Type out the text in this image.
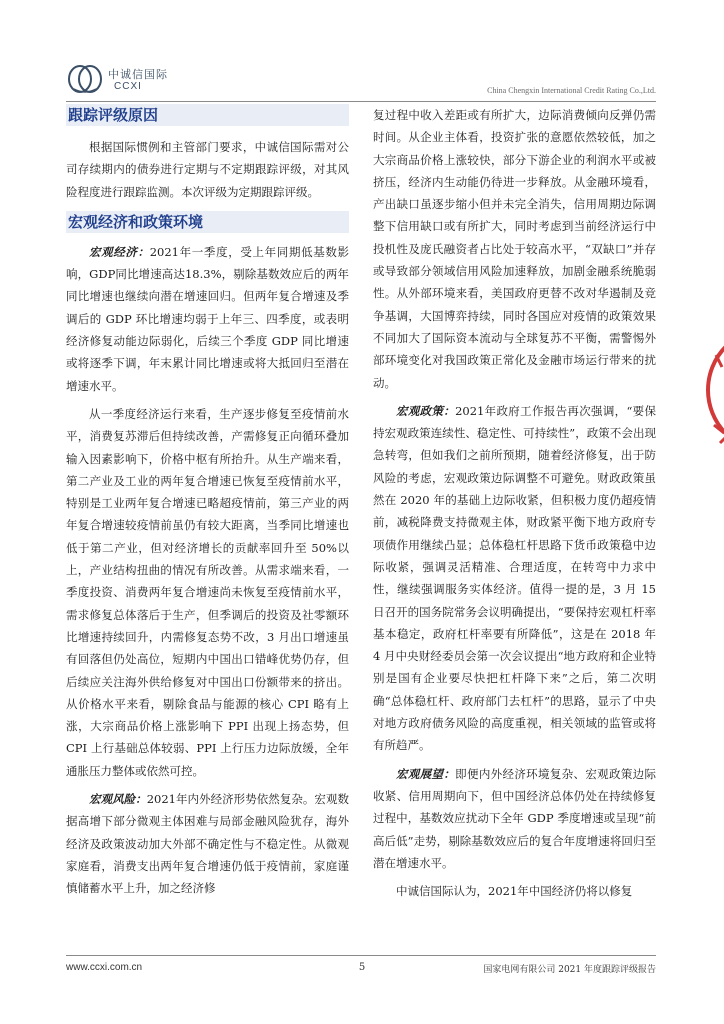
中诚信国际
CCXI	China Chengxin International Credit Rating Co.,Ltd.
跟踪评级原因

根据国际惯例和主管部门要求，中诚信国际需对公司存续期内的债券进行定期与不定期跟踪评级，对其风险程度进行跟踪监测。本次评级为定期跟踪评级。

宏观经济和政策环境

宏观经济：2021年一季度，受上年同期低基数影响，GDP同比增速高达18.3%，剔除基数效应后的两年同比增速也继续向潜在增速回归。但两年复合增速及季调后的 GDP 环比增速均弱于上年三、四季度，或表明经济修复动能边际弱化，后续三个季度 GDP 同比增速或将逐季下调，年末累计同比增速或将大抵回归至潜在增速水平。

从一季度经济运行来看，生产逐步修复至疫情前水平，消费复苏滞后但持续改善，产需修复正向循环叠加输入因素影响下，价格中枢有所抬升。从生产端来看，第二产业及工业的两年复合增速已恢复至疫情前水平，特别是工业两年复合增速已略超疫情前，第三产业的两年复合增速较疫情前虽仍有较大距离，当季同比增速也低于第二产业，但对经济增长的贡献率回升至 50%以上，产业结构扭曲的情况有所改善。从需求端来看，一季度投资、消费两年复合增速尚未恢复至疫情前水平，需求修复总体落后于生产，但季调后的投资及社零额环比增速持续回升，内需修复态势不改，3 月出口增速虽有回落但仍处高位，短期内中国出口错峰优势仍存，但后续应关注海外供给修复对中国出口份额带来的挤出。从价格水平来看，剔除食品与能源的核心 CPI 略有上涨，大宗商品价格上涨影响下 PPI 出现上扬态势，但 CPI 上行基础总体较弱、PPI 上行压力边际放缓，全年通胀压力整体或依然可控。

宏观风险：2021年内外经济形势依然复杂。宏观数据高增下部分微观主体困难与局部金融风险犹存，海外经济及政策波动加大外部不确定性与不稳定性。从微观家庭看，消费支出两年复合增速仍低于疫情前，家庭谨慎储蓄水平上升，加之经济修

复过程中收入差距或有所扩大，边际消费倾向反弹仍需时间。从企业主体看，投资扩张的意愿依然较低，加之大宗商品价格上涨较快，部分下游企业的利润水平或被挤压，经济内生动能仍待进一步释放。从金融环境看，产出缺口虽逐步缩小但并未完全消失，信用周期边际调整下信用缺口或有所扩大，同时考虑到当前经济运行中投机性及庞氏融资者占比处于较高水平，“双缺口”并存或导致部分领域信用风险加速释放，加剧金融系统脆弱性。从外部环境来看，美国政府更替不改对华遏制及竞争基调，大国博弈持续，同时各国应对疫情的政策效果不同加大了国际资本流动与全球复苏不平衡，需警惕外部环境变化对我国政策正常化及金融市场运行带来的扰动。

宏观政策：2021年政府工作报告再次强调，“要保持宏观政策连续性、稳定性、可持续性”，政策不会出现急转弯，但如我们之前所预期，随着经济修复，出于防风险的考虑，宏观政策边际调整不可避免。财政政策虽然在 2020 年的基础上边际收紧，但积极力度仍超疫情前，减税降费支持微观主体，财政紧平衡下地方政府专项债作用继续凸显；总体稳杠杆思路下货币政策稳中边际收紧，强调灵活精准、合理适度，在转弯中力求中性，继续强调服务实体经济。值得一提的是，3 月 15 日召开的国务院常务会议明确提出，“要保持宏观杠杆率基本稳定，政府杠杆率要有所降低”，这是在 2018 年 4 月中央财经委员会第一次会议提出“地方政府和企业特别是国有企业要尽快把杠杆降下来”之后，第二次明确“总体稳杠杆、政府部门去杠杆”的思路，显示了中央对地方政府债务风险的高度重视，相关领域的监管或将有所趋严。

宏观展望：即便内外经济环境复杂、宏观政策边际收紧、信用周期向下，但中国经济总体仍处在持续修复过程中，基数效应扰动下全年 GDP 季度增速或呈现“前高后低”走势，剔除基数效应后的复合年度增速将回归至潜在增速水平。

中诚信国际认为，2021年中国经济仍将以修复

www.ccxi.com.cn	5	国家电网有限公司 2021 年度跟踪评级报告
